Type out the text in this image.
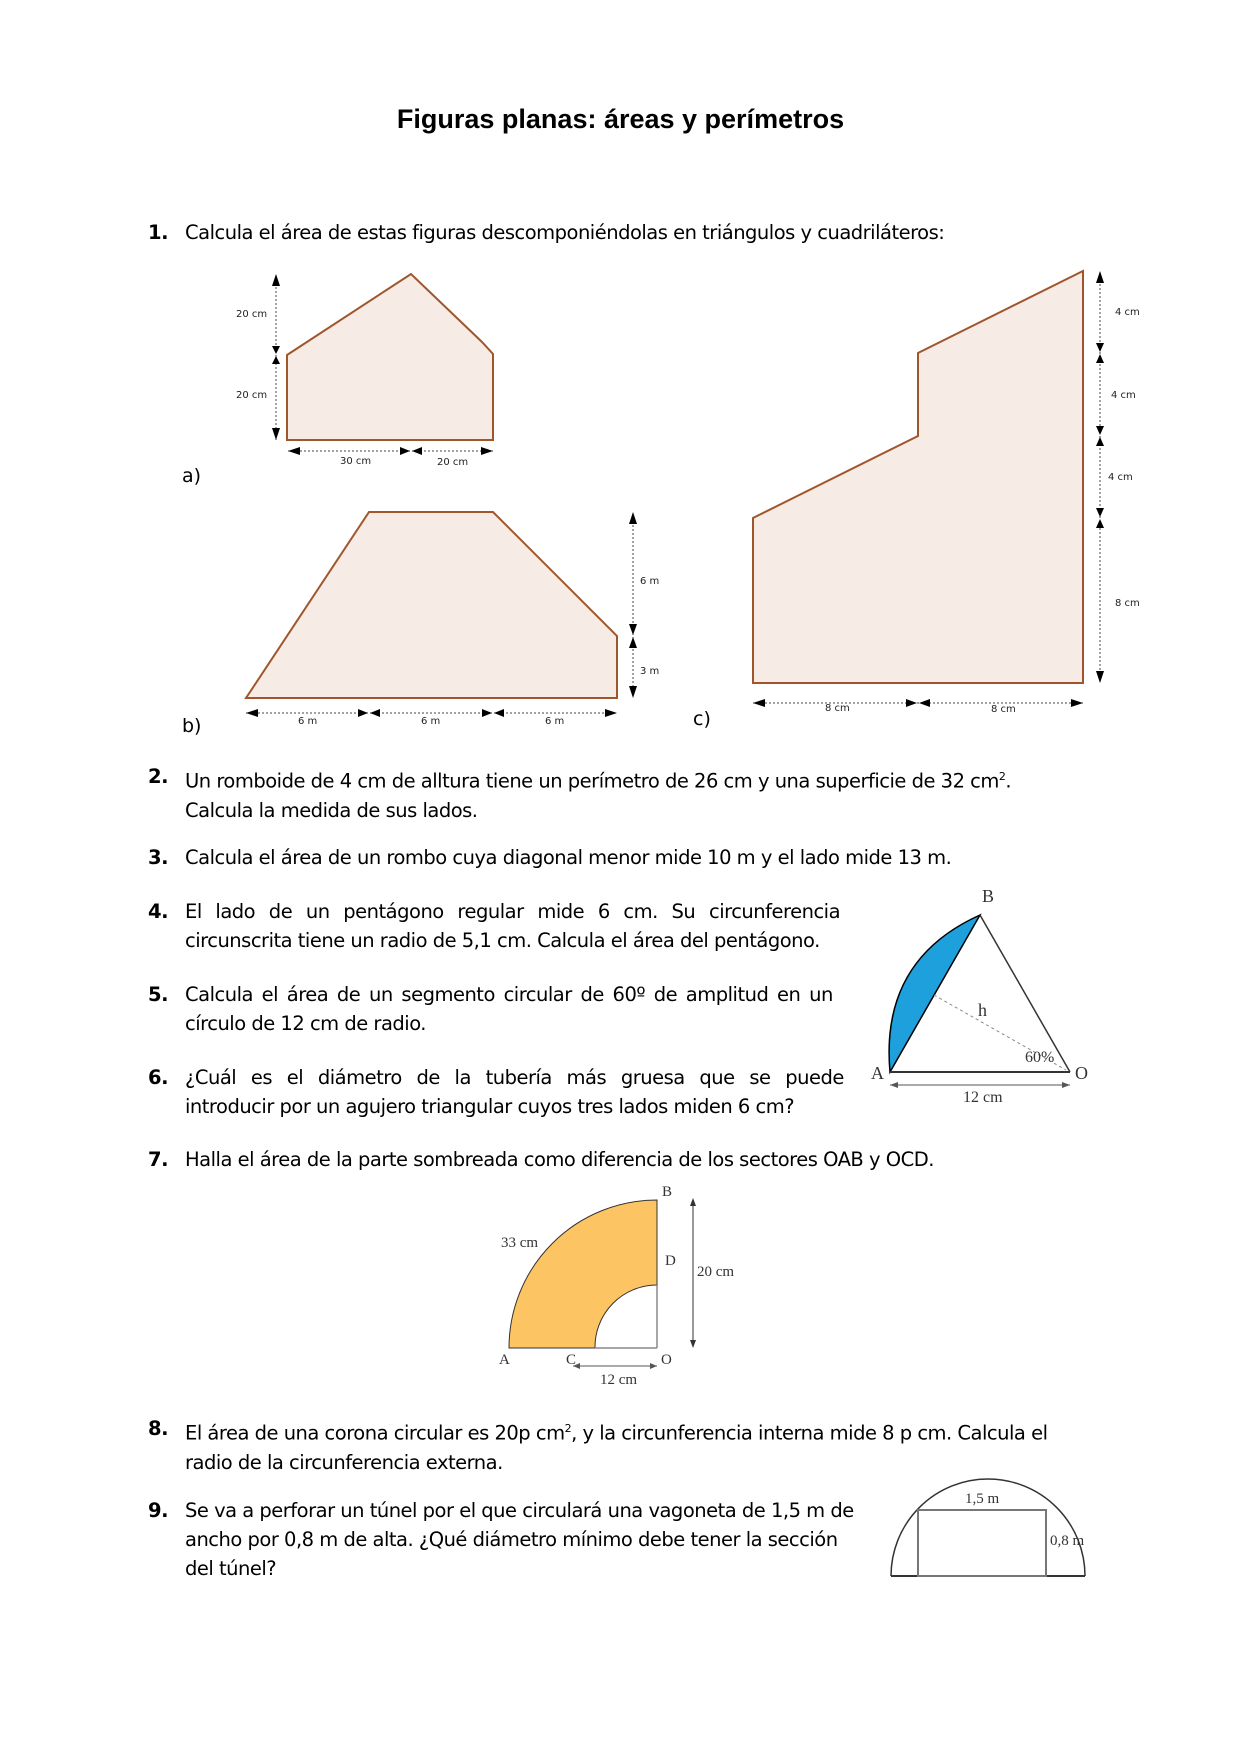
Figuras planas: áreas y perímetros
1. Calcula el área de estas figuras descomponiéndolas en triángulos y cuadriláteros:
20 cm
20 cm
30 cm	20 cm
6 m
3 m
6 m	6 m	6 m
4 cm
4 cm
4 cm
8 cm
8 cm	8 cm
B
A	O
h
60%
12 cm
B
D
A	C	O
33 cm
20 cm
12 cm
1,5 m
0,8 m
a)
b)	c)
2. Un romboide de 4 cm de alltura tiene un perímetro de 26 cm y una superficie de 32 $cm^2$.
Calcula la medida de sus lados.
3. Calcula el área de un rombo cuya diagonal menor mide 10 m y el lado mide 13 m.
4. El lado de un pentágono regular mide 6 cm. Su circunferencia
circunscrita tiene un radio de 5,1 cm. Calcula el área del pentágono.
5. Calcula el área de un segmento circular de 60º de amplitud en un
círculo de 12 cm de radio.
6. ¿Cuál es el diámetro de la tubería más gruesa que se puede
introducir por un agujero triangular cuyos tres lados miden 6 cm?
7. Halla el área de la parte sombreada como diferencia de los sectores OAB y OCD.
8. El área de una corona circular es 20p $cm^2$, y la circunferencia interna mide 8 p cm. Calcula el
radio de la circunferencia externa.
9. Se va a perforar un túnel por el que circulará una vagoneta de 1,5 m de
ancho por 0,8 m de alta. ¿Qué diámetro mínimo debe tener la sección
del túnel?
